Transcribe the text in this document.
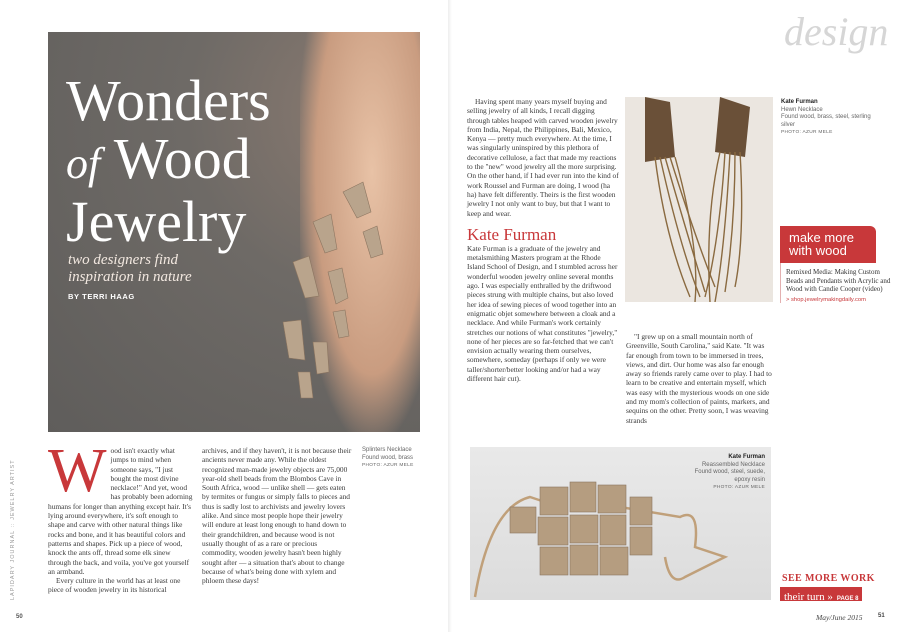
Wonders
of Wood
Jewelry
two designers find
inspiration in nature
BY TERRI HAAG
Splinters Necklace
Found wood, brass
PHOTO: AZUR MELE

Wood isn't exactly what jumps to mind when someone says, "I just bought the most divine necklace!" And yet, wood has probably been adorning humans for longer than anything except hair. It's lying around everywhere, it's soft enough to shape and carve with other natural things like rocks and bone, and it has beautiful colors and patterns and shapes. Pick up a piece of wood, knock the ants off, thread some elk sinew through the back, and voila, you've got yourself an armband.

Every culture in the world has at least one piece of wooden jewelry in its historical

archives, and if they haven't, it is not because their ancients never made any. While the oldest recognized man-made jewelry objects are 75,000 year-old shell beads from the Blombos Cave in South Africa, wood — unlike shell — gets eaten by termites or fungus or simply falls to pieces and thus is sadly lost to archivists and jewelry lovers alike. And since most people hope their jewelry will endure at least long enough to hand down to their grandchildren, and because wood is not usually thought of as a rare or precious commodity, wooden jewelry hasn't been highly sought after — a situation that's about to change because of what's being done with xylem and phloem these days!

LAPIDARY JOURNAL :: JEWELRY ARTIST
50
design

Having spent many years myself buying and selling jewelry of all kinds, I recall digging through tables heaped with carved wooden jewelry from India, Nepal, the Philippines, Bali, Mexico, Kenya — pretty much everywhere. At the time, I was singularly uninspired by this plethora of decorative cellulose, a fact that made my reactions to the "new" wood jewelry all the more surprising. On the other hand, if I had ever run into the kind of work Roussel and Furman are doing, I wood (ha ha) have felt differently. Theirs is the first wooden jewelry I not only want to buy, but that I want to keep and wear.

Kate Furman

Kate Furman is a graduate of the jewelry and metalsmithing Masters program at the Rhode Island School of Design, and I stumbled across her wonderful wooden jewelry online several months ago. I was especially enthralled by the driftwood pieces strung with multiple chains, but also loved her idea of sewing pieces of wood together into an enigmatic objet somewhere between a cloak and a necklace. And while Furman's work certainly stretches our notions of what constitutes "jewelry," none of her pieces are so far-fetched that we can't envision actually wearing them ourselves, somewhere, someday (perhaps if only we were taller/shorter/better looking and/or had a way different hair cut).

Kate Furman
Hewn Necklace
Found wood, brass, steel, sterling silver
PHOTO: AZUR MELE
make more with wood
Remixed Media: Making Custom Beads and Pendants with Acrylic and Wood with Candie Cooper (video)
> shop.jewelrymakingdaily.com

"I grew up on a small mountain north of Greenville, South Carolina," said Kate. "It was far enough from town to be immersed in trees, views, and dirt. Our home was also far enough away so friends rarely came over to play. I had to learn to be creative and entertain myself, which was easy with the mysterious woods on one side and my mom's collection of paints, markers, and sequins on the other. Pretty soon, I was weaving strands

Kate Furman
Reassembled Necklace
Found wood, steel, suede, epoxy resin
PHOTO: AZUR MELE
SEE MORE WORK
their turn » PAGE 8
May/June 2015	51
